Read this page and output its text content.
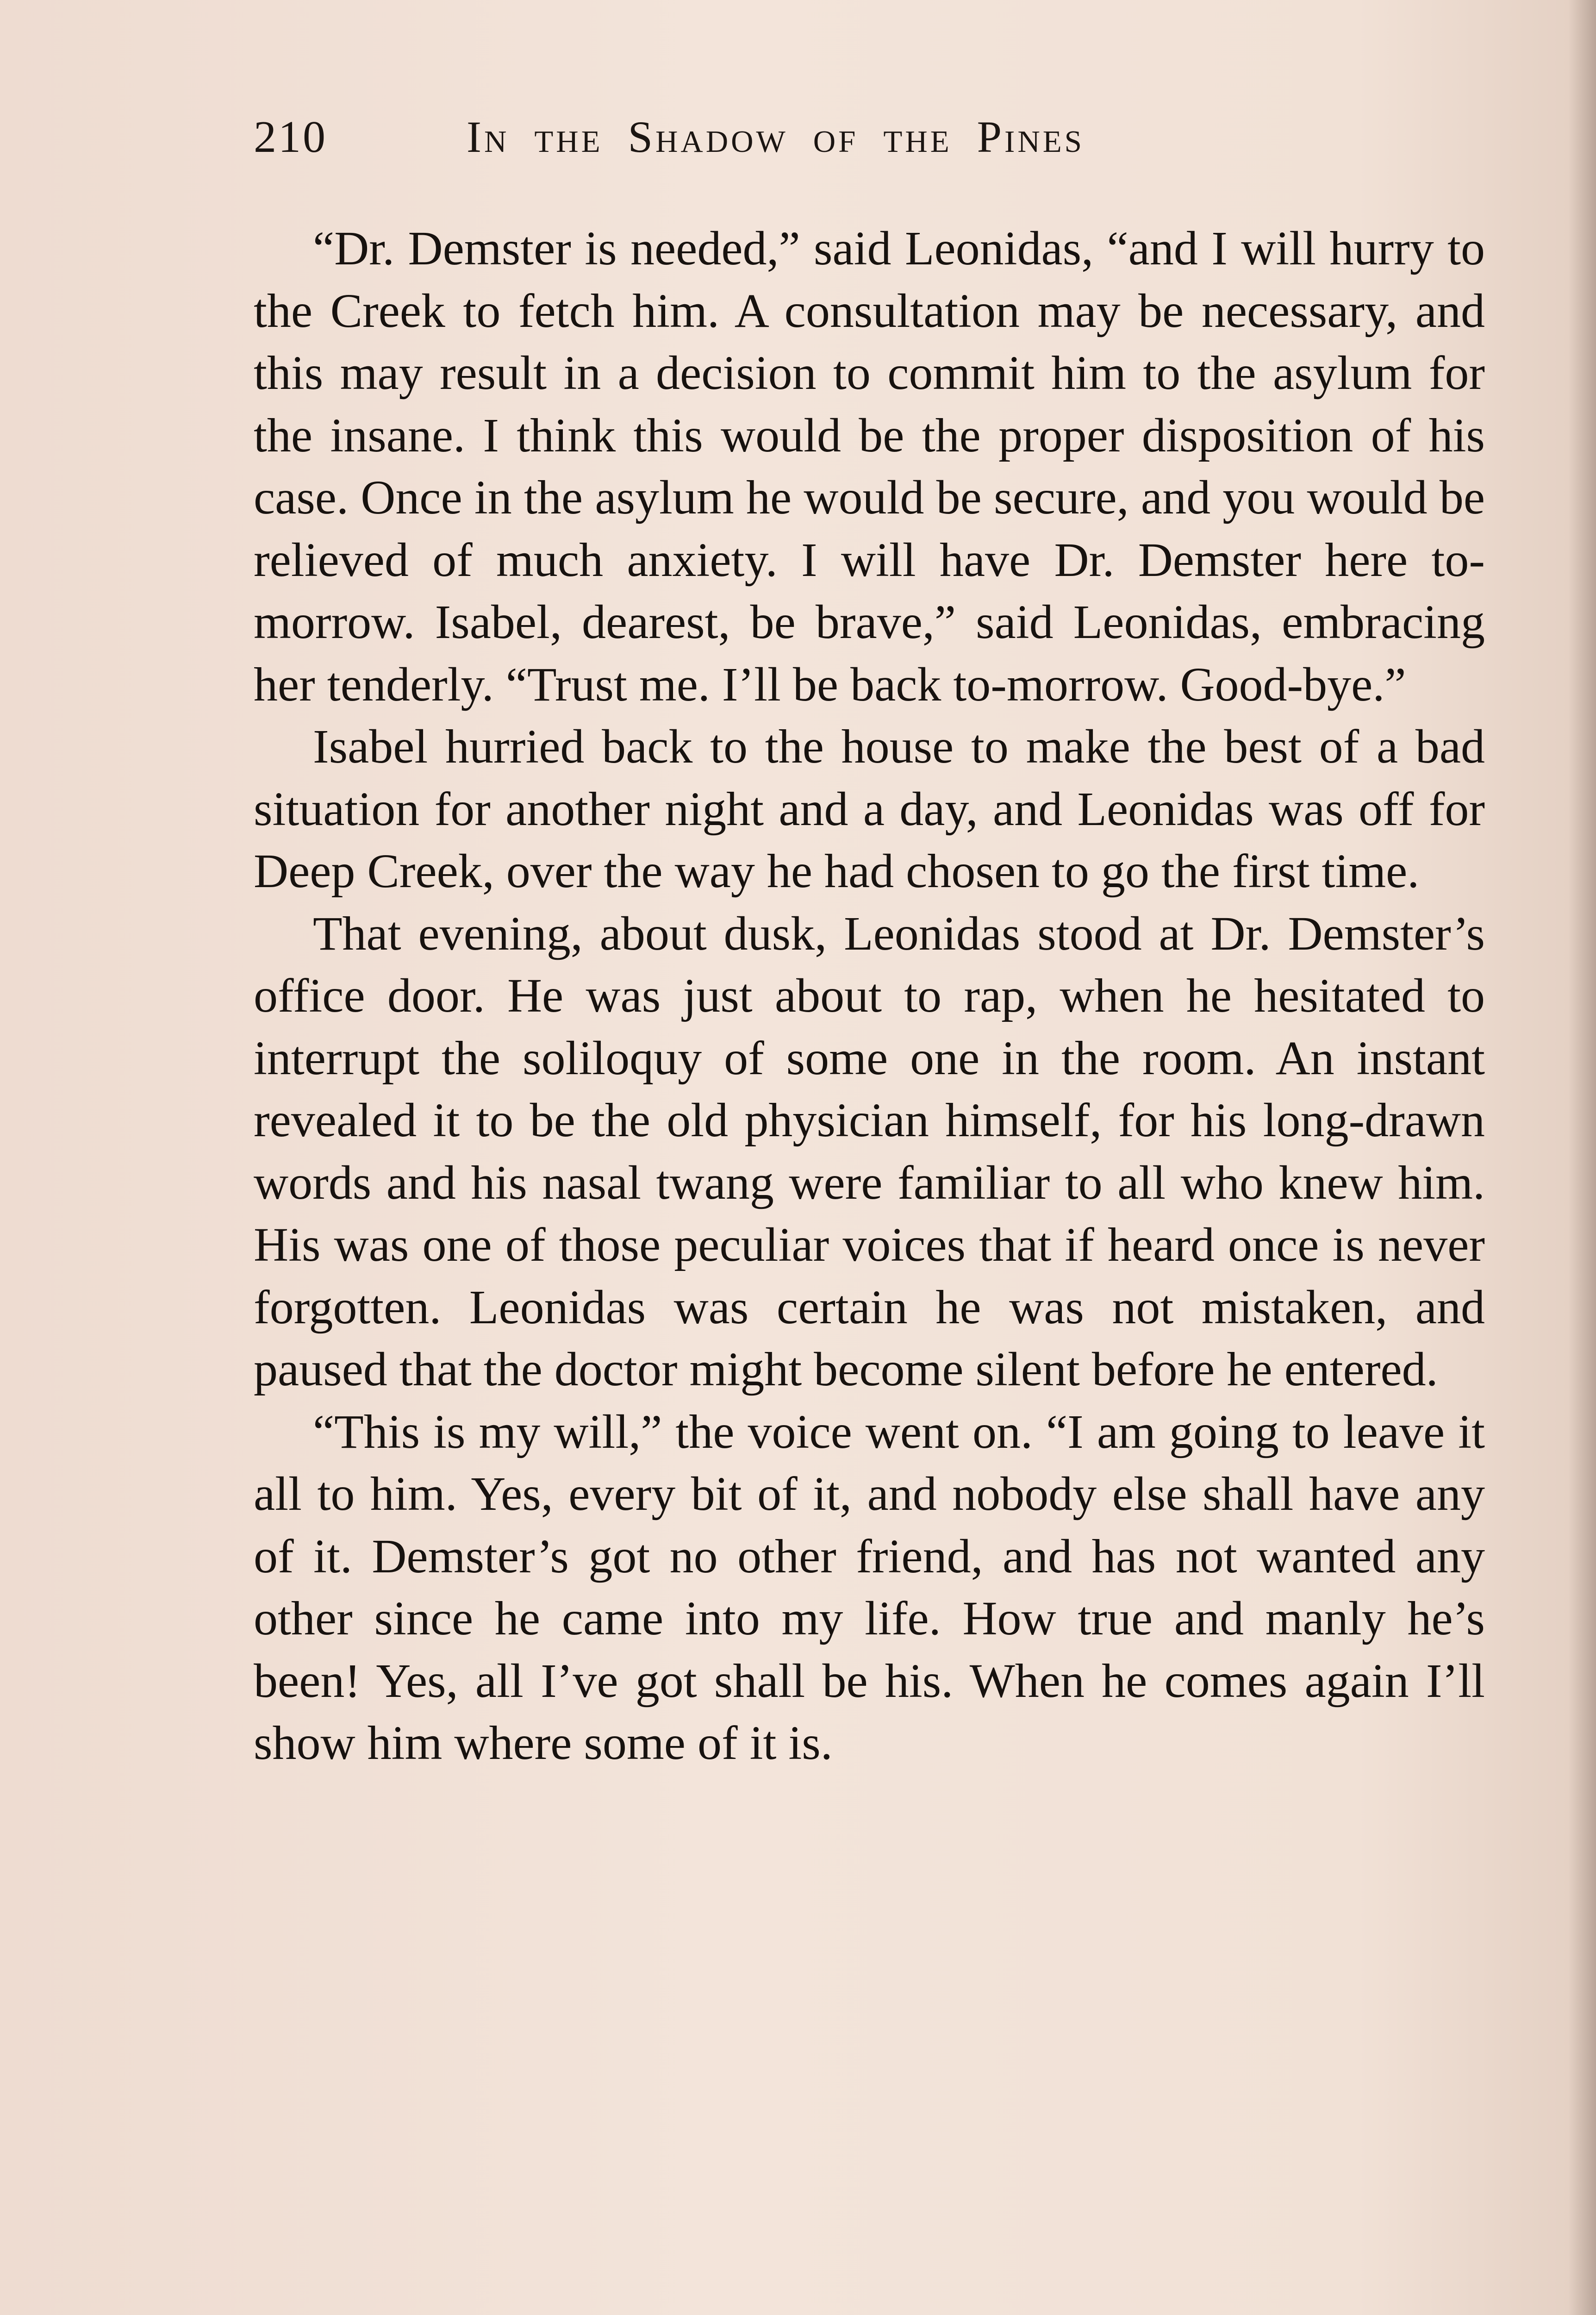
210	In the Shadow of the Pines

“Dr. Demster is needed,” said Leonidas, “and I will hurry to the Creek to fetch him. A consultation may be necessary, and this may result in a decision to commit him to the asylum for the insane. I think this would be the proper disposition of his case. Once in the asylum he would be secure, and you would be relieved of much anxiety. I will have Dr. Demster here to-morrow. Isabel, dearest, be brave,” said Leonidas, embracing her tenderly. “Trust me. I’ll be back to-morrow. Good-bye.”

Isabel hurried back to the house to make the best of a bad situation for another night and a day, and Leonidas was off for Deep Creek, over the way he had chosen to go the first time.

That evening, about dusk, Leonidas stood at Dr. Demster’s office door. He was just about to rap, when he hesitated to interrupt the soliloquy of some one in the room. An instant revealed it to be the old physician himself, for his long-drawn words and his nasal twang were familiar to all who knew him. His was one of those peculiar voices that if heard once is never forgotten. Leonidas was certain he was not mistaken, and paused that the doctor might become silent before he entered.

“This is my will,” the voice went on. “I am going to leave it all to him. Yes, every bit of it, and nobody else shall have any of it. Demster’s got no other friend, and has not wanted any other since he came into my life. How true and manly he’s been! Yes, all I’ve got shall be his. When he comes again I’ll show him where some of it is.
